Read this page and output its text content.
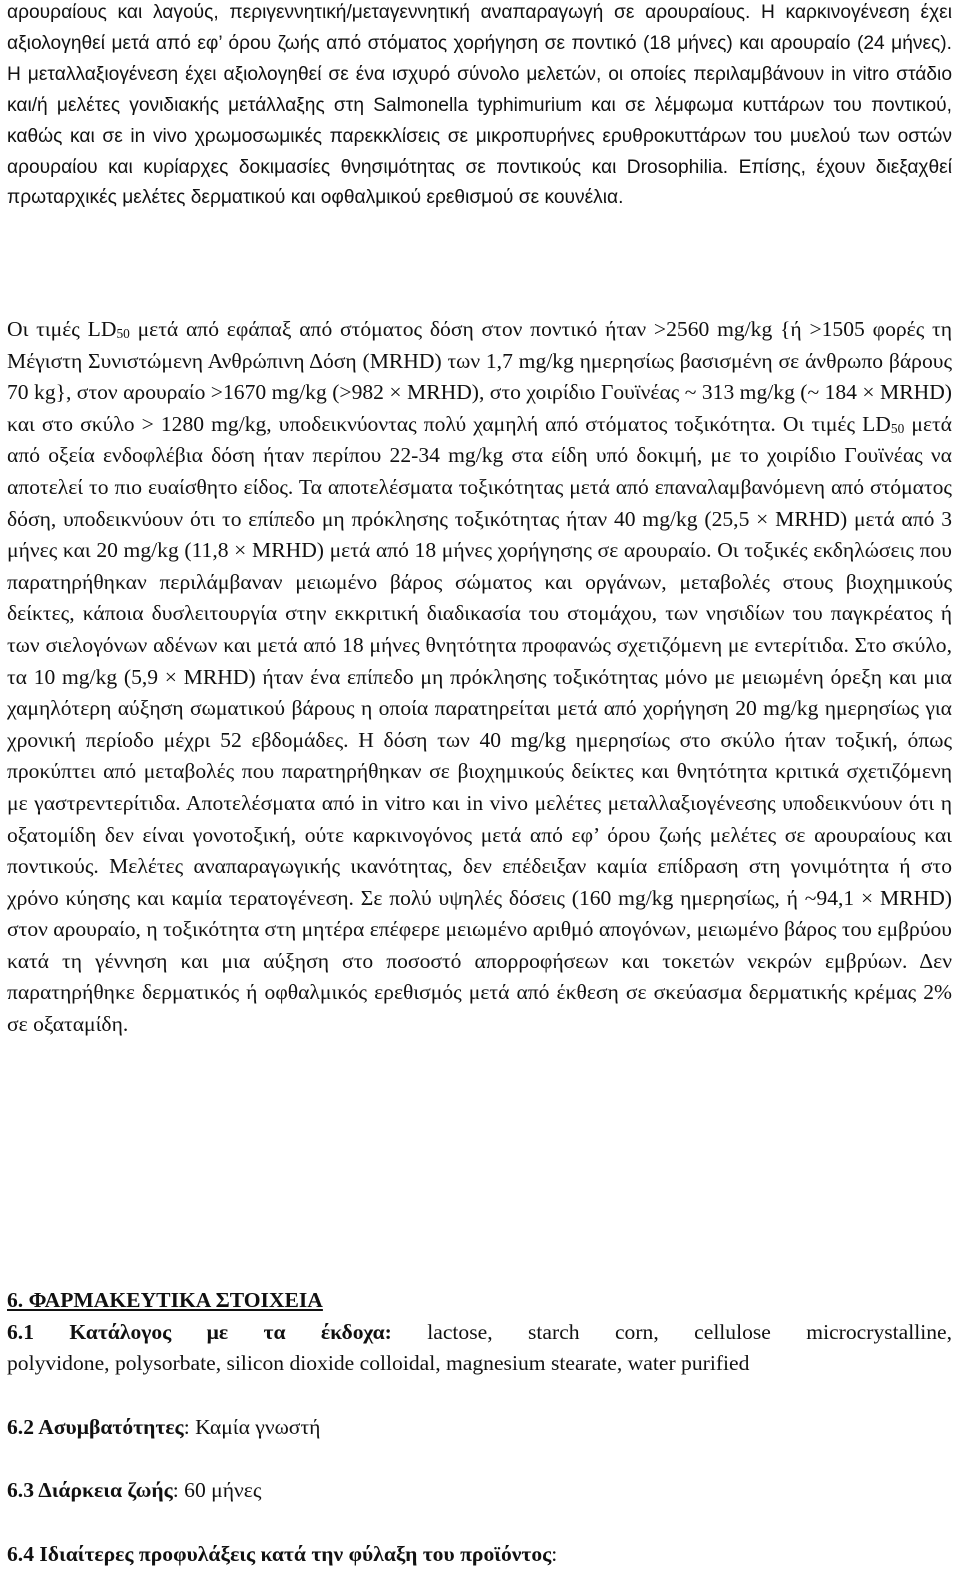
αρουραίους και λαγούς, περιγεννητική/μεταγεννητική αναπαραγωγή σε αρουραίους. Η καρκινογένεση έχει αξιολογηθεί μετά από εφ’ όρου ζωής από στόματος χορήγηση σε ποντικό (18 μήνες) και αρουραίο (24 μήνες). Η μεταλλαξιογένεση έχει αξιολογηθεί σε ένα ισχυρό σύνολο μελετών, οι οποίες περιλαμβάνουν in vitro στάδιο και/ή μελέτες γονιδιακής μετάλλαξης στη Salmonella typhimurium και σε λέμφωμα κυττάρων του ποντικού, καθώς και σε in vivo χρωμοσωμικές παρεκκλίσεις σε μικροπυρήνες ερυθροκυττάρων του μυελού των οστών αρουραίου και κυρίαρχες δοκιμασίες θνησιμότητας σε ποντικούς και Drosophilia. Επίσης, έχουν διεξαχθεί πρωταρχικές μελέτες δερματικού και οφθαλμικού ερεθισμού σε κουνέλια.

Οι τιμές $LD_{50}$ μετά από εφάπαξ από στόματος δόση στον ποντικό ήταν >2560 mg/kg {ή >1505 φορές τη Μέγιστη Συνιστώμενη Ανθρώπινη Δόση (MRHD) των 1,7 mg/kg ημερησίως βασισμένη σε άνθρωπο βάρους 70 kg}, στον αρουραίο >1670 mg/kg (>982 × MRHD), στο χοιρίδιο Γουϊνέας ~ 313 mg/kg (~ 184 × MRHD) και στο σκύλο > 1280 mg/kg, υποδεικνύοντας πολύ χαμηλή από στόματος τοξικότητα. Οι τιμές $LD_{50}$ μετά από οξεία ενδοφλέβια δόση ήταν περίπου 22-34 mg/kg στα είδη υπό δοκιμή, με το χοιρίδιο Γουϊνέας να αποτελεί το πιο ευαίσθητο είδος. Τα αποτελέσματα τοξικότητας μετά από επαναλαμβανόμενη από στόματος δόση, υποδεικνύουν ότι το επίπεδο μη πρόκλησης τοξικότητας ήταν 40 mg/kg (25,5 × MRHD) μετά από 3 μήνες και 20 mg/kg (11,8 × MRHD) μετά από 18 μήνες χορήγησης σε αρουραίο. Οι τοξικές εκδηλώσεις που παρατηρήθηκαν περιλάμβαναν μειωμένο βάρος σώματος και οργάνων, μεταβολές στους βιοχημικούς δείκτες, κάποια δυσλειτουργία στην εκκριτική διαδικασία του στομάχου, των νησιδίων του παγκρέατος ή των σιελογόνων αδένων και μετά από 18 μήνες θνητότητα προφανώς σχετιζόμενη με εντερίτιδα. Στο σκύλο, τα 10 mg/kg (5,9 × MRHD) ήταν ένα επίπεδο μη πρόκλησης τοξικότητας μόνο με μειωμένη όρεξη και μια χαμηλότερη αύξηση σωματικού βάρους η οποία παρατηρείται μετά από χορήγηση 20 mg/kg ημερησίως για χρονική περίοδο μέχρι 52 εβδομάδες. Η δόση των 40 mg/kg ημερησίως στο σκύλο ήταν τοξική, όπως προκύπτει από μεταβολές που παρατηρήθηκαν σε βιοχημικούς δείκτες και θνητότητα κριτικά σχετιζόμενη με γαστρεντερίτιδα. Αποτελέσματα από in vitro και in vivo μελέτες μεταλλαξιογένεσης υποδεικνύουν ότι η οξατομίδη δεν είναι γονοτοξική, ούτε καρκινογόνος μετά από εφ’ όρου ζωής μελέτες σε αρουραίους και ποντικούς. Μελέτες αναπαραγωγικής ικανότητας, δεν επέδειξαν καμία επίδραση στη γονιμότητα ή στο χρόνο κύησης και καμία τερατογένεση. Σε πολύ υψηλές δόσεις (160 mg/kg ημερησίως, ή ~94,1 × MRHD) στον αρουραίο, η τοξικότητα στη μητέρα επέφερε μειωμένο αριθμό απογόνων, μειωμένο βάρος του εμβρύου κατά τη γέννηση και μια αύξηση στο ποσοστό απορροφήσεων και τοκετών νεκρών εμβρύων. Δεν παρατηρήθηκε δερματικός ή οφθαλμικός ερεθισμός μετά από έκθεση σε σκεύασμα δερματικής κρέμας 2% σε οξαταμίδη.

6. ΦΑΡΜΑΚΕΥΤΙΚΑ ΣΤΟΙΧΕΙΑ
6.1 Κατάλογος με τα έκδοχα: lactose, starch corn, cellulose microcrystalline,
polyvidone, polysorbate, silicon dioxide colloidal, magnesium stearate, water purified
6.2 Ασυμβατότητες: Καμία γνωστή
6.3 Διάρκεια ζωής: 60 μήνες
6.4 Ιδιαίτερες προφυλάξεις κατά την φύλαξη του προϊόντος:
